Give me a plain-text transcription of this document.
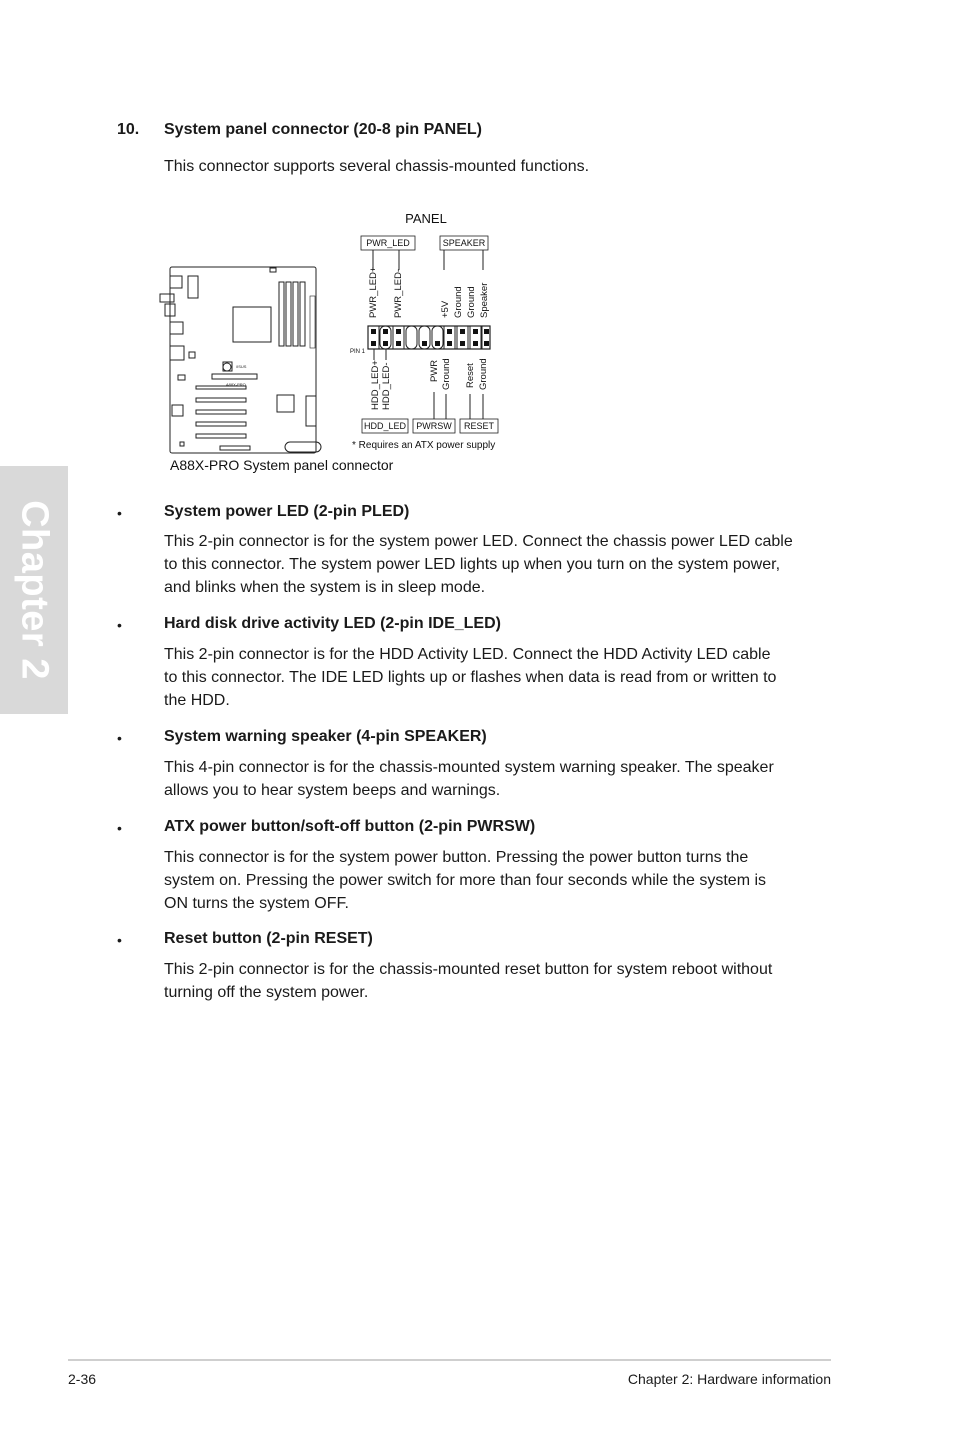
Chapter 2
10. System panel connector (20-8 pin PANEL)
This connector supports several chassis-mounted functions.
/ISUS
A88X-PRO
A88X-PRO System panel connector
PANEL
PWR_LED	SPEAKER
PWR_LED+ PWR_LED-	+5V Ground Ground Speaker
PIN 1
HDD_LED+ HDD_LED-	PWR Ground Reset Ground
HDD_LED PWRSW RESET
* Requires an ATX power supply
•	System power LED (2-pin PLED)
This 2-pin connector is for the system power LED. Connect the chassis power LED cable
to this connector. The system power LED lights up when you turn on the system power,
and blinks when the system is in sleep mode.
•	Hard disk drive activity LED (2-pin IDE_LED)
This 2-pin connector is for the HDD Activity LED. Connect the HDD Activity LED cable
to this connector. The IDE LED lights up or flashes when data is read from or written to
the HDD.
•	System warning speaker (4-pin SPEAKER)
This 4-pin connector is for the chassis-mounted system warning speaker. The speaker
allows you to hear system beeps and warnings.
•	ATX power button/soft-off button (2-pin PWRSW)
This connector is for the system power button. Pressing the power button turns the
system on. Pressing the power switch for more than four seconds while the system is
ON turns the system OFF.
•	Reset button (2-pin RESET)
This 2-pin connector is for the chassis-mounted reset button for system reboot without
turning off the system power.
2-36	Chapter 2: Hardware information
